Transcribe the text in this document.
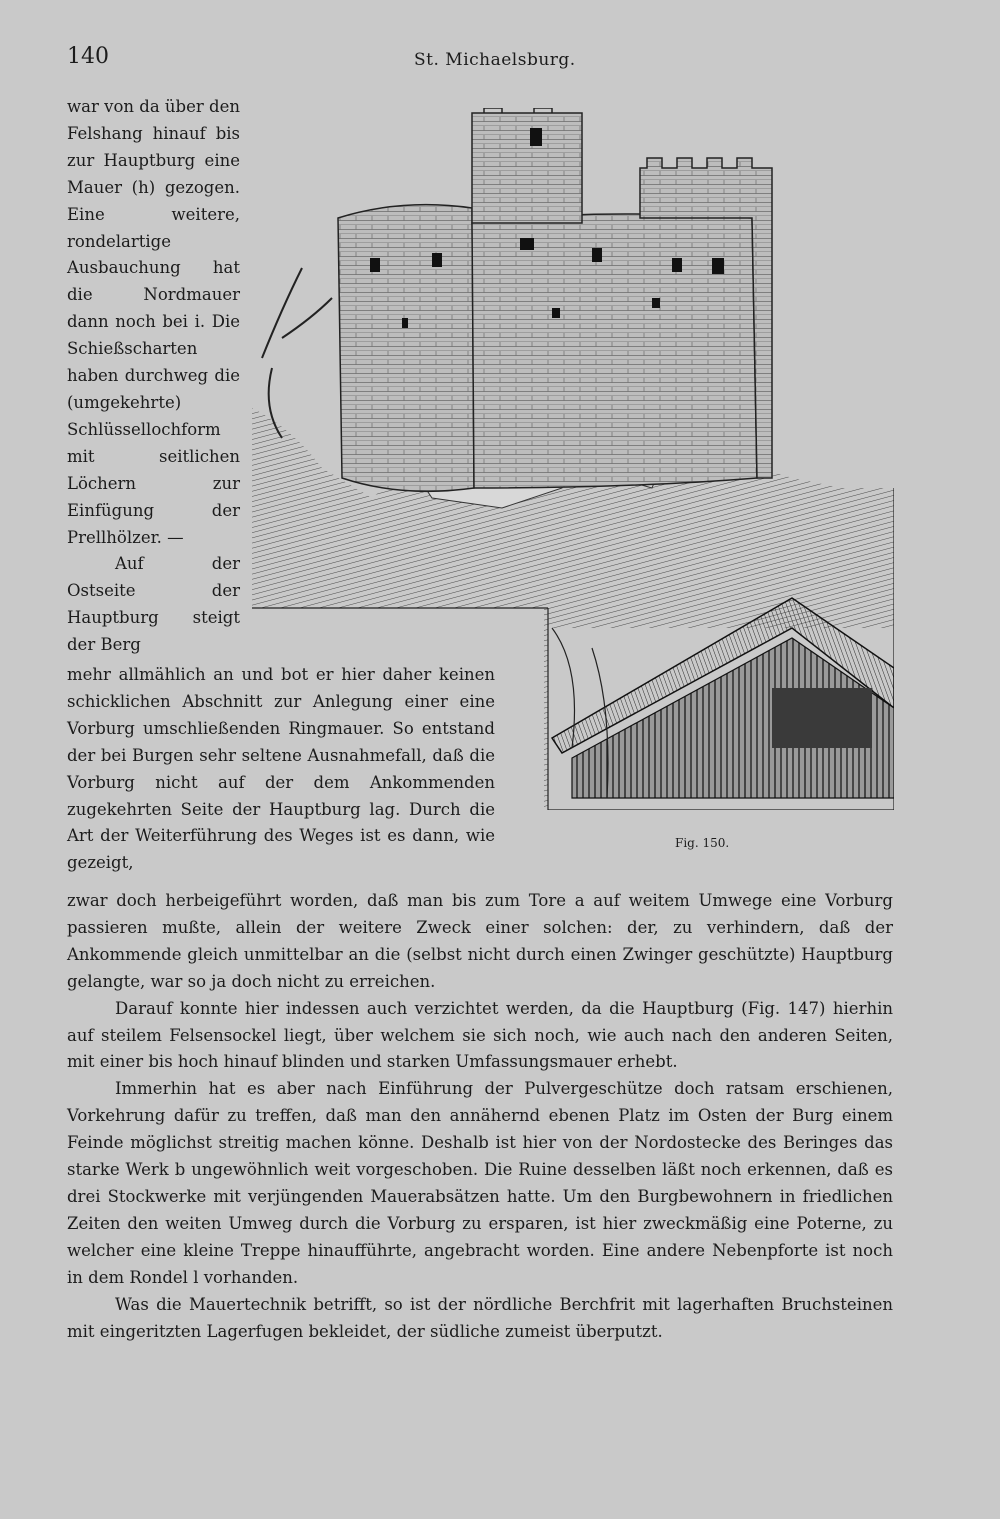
140	St. Michaelsburg.

war von da über den Felshang hinauf bis zur Hauptburg eine Mauer (h) gezogen. Eine weitere, rondelartige Ausbauchung hat die Nordmauer dann noch bei i. Die Schießscharten haben durchweg die (umgekehrte) Schlüssellochform mit seitlichen Löchern zur Einfügung der Prellhölzer. —

Auf der Ostseite der Hauptburg steigt der Berg

Fig. 150.

mehr allmählich an und bot er hier daher keinen schicklichen Abschnitt zur Anlegung einer eine Vorburg umschließenden Ringmauer. So entstand der bei Burgen sehr seltene Ausnahmefall, daß die Vorburg nicht auf der dem Ankommenden zugekehrten Seite der Hauptburg lag. Durch die Art der Weiterführung des Weges ist es dann, wie gezeigt,

zwar doch herbeigeführt worden, daß man bis zum Tore a auf weitem Umwege eine Vorburg passieren mußte, allein der weitere Zweck einer solchen: der, zu verhindern, daß der Ankommende gleich unmittelbar an die (selbst nicht durch einen Zwinger geschützte) Hauptburg gelangte, war so ja doch nicht zu erreichen.

Darauf konnte hier indessen auch verzichtet werden, da die Hauptburg (Fig. 147) hierhin auf steilem Felsensockel liegt, über welchem sie sich noch, wie auch nach den anderen Seiten, mit einer bis hoch hinauf blinden und starken Umfassungsmauer erhebt.

Immerhin hat es aber nach Einführung der Pulvergeschütze doch ratsam erschienen, Vorkehrung dafür zu treffen, daß man den annähernd ebenen Platz im Osten der Burg einem Feinde möglichst streitig machen könne. Deshalb ist hier von der Nordostecke des Beringes das starke Werk b ungewöhnlich weit vorgeschoben. Die Ruine desselben läßt noch erkennen, daß es drei Stockwerke mit verjüngenden Mauerabsätzen hatte. Um den Burgbewohnern in friedlichen Zeiten den weiten Umweg durch die Vorburg zu ersparen, ist hier zweckmäßig eine Poterne, zu welcher eine kleine Treppe hinaufführte, angebracht worden. Eine andere Nebenpforte ist noch in dem Rondel l vorhanden.

Was die Mauertechnik betrifft, so ist der nördliche Berchfrit mit lagerhaften Bruchsteinen mit eingeritzten Lagerfugen bekleidet, der südliche zumeist überputzt.
